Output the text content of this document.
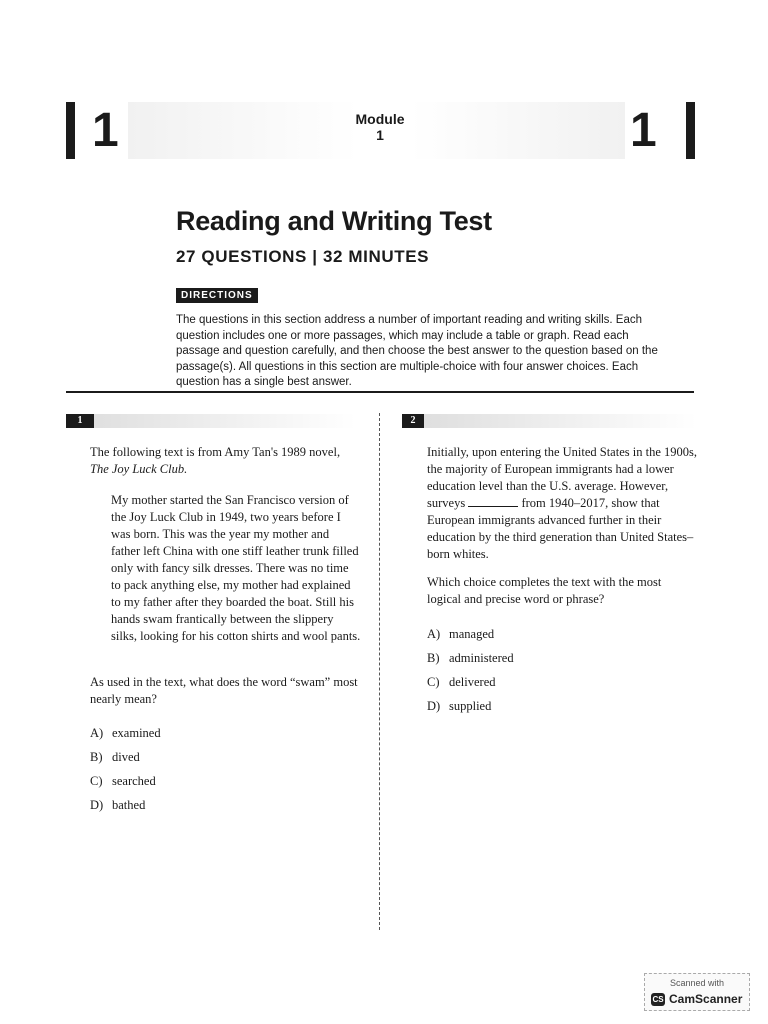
1	Module
1	1
Reading and Writing Test
27 QUESTIONS | 32 MINUTES
DIRECTIONS
The questions in this section address a number of important reading and writing skills. Each question includes one or more passages, which may include a table or graph. Read each passage and question carefully, and then choose the best answer to the question based on the passage(s). All questions in this section are multiple-choice with four answer choices. Each question has a single best answer.
1
The following text is from Amy Tan's 1989 novel, The Joy Luck Club.
My mother started the San Francisco version of the Joy Luck Club in 1949, two years before I was born. This was the year my mother and father left China with one stiff leather trunk filled only with fancy silk dresses. There was no time to pack anything else, my mother had explained to my father after they boarded the boat. Still his hands swam frantically between the slippery silks, looking for his cotton shirts and wool pants.
As used in the text, what does the word “swam” most nearly mean?
A) examined
B) dived
C) searched
D) bathed
2
Initially, upon entering the United States in the 1900s, the majority of European immigrants had a lower education level than the U.S. average. However, surveys	from 1940–2017, show that European immigrants advanced further in their education by the third generation than United States–born whites.
Which choice completes the text with the most logical and precise word or phrase?
A) managed
B) administered
C) delivered
D) supplied
Scanned with
CS CamScanner
